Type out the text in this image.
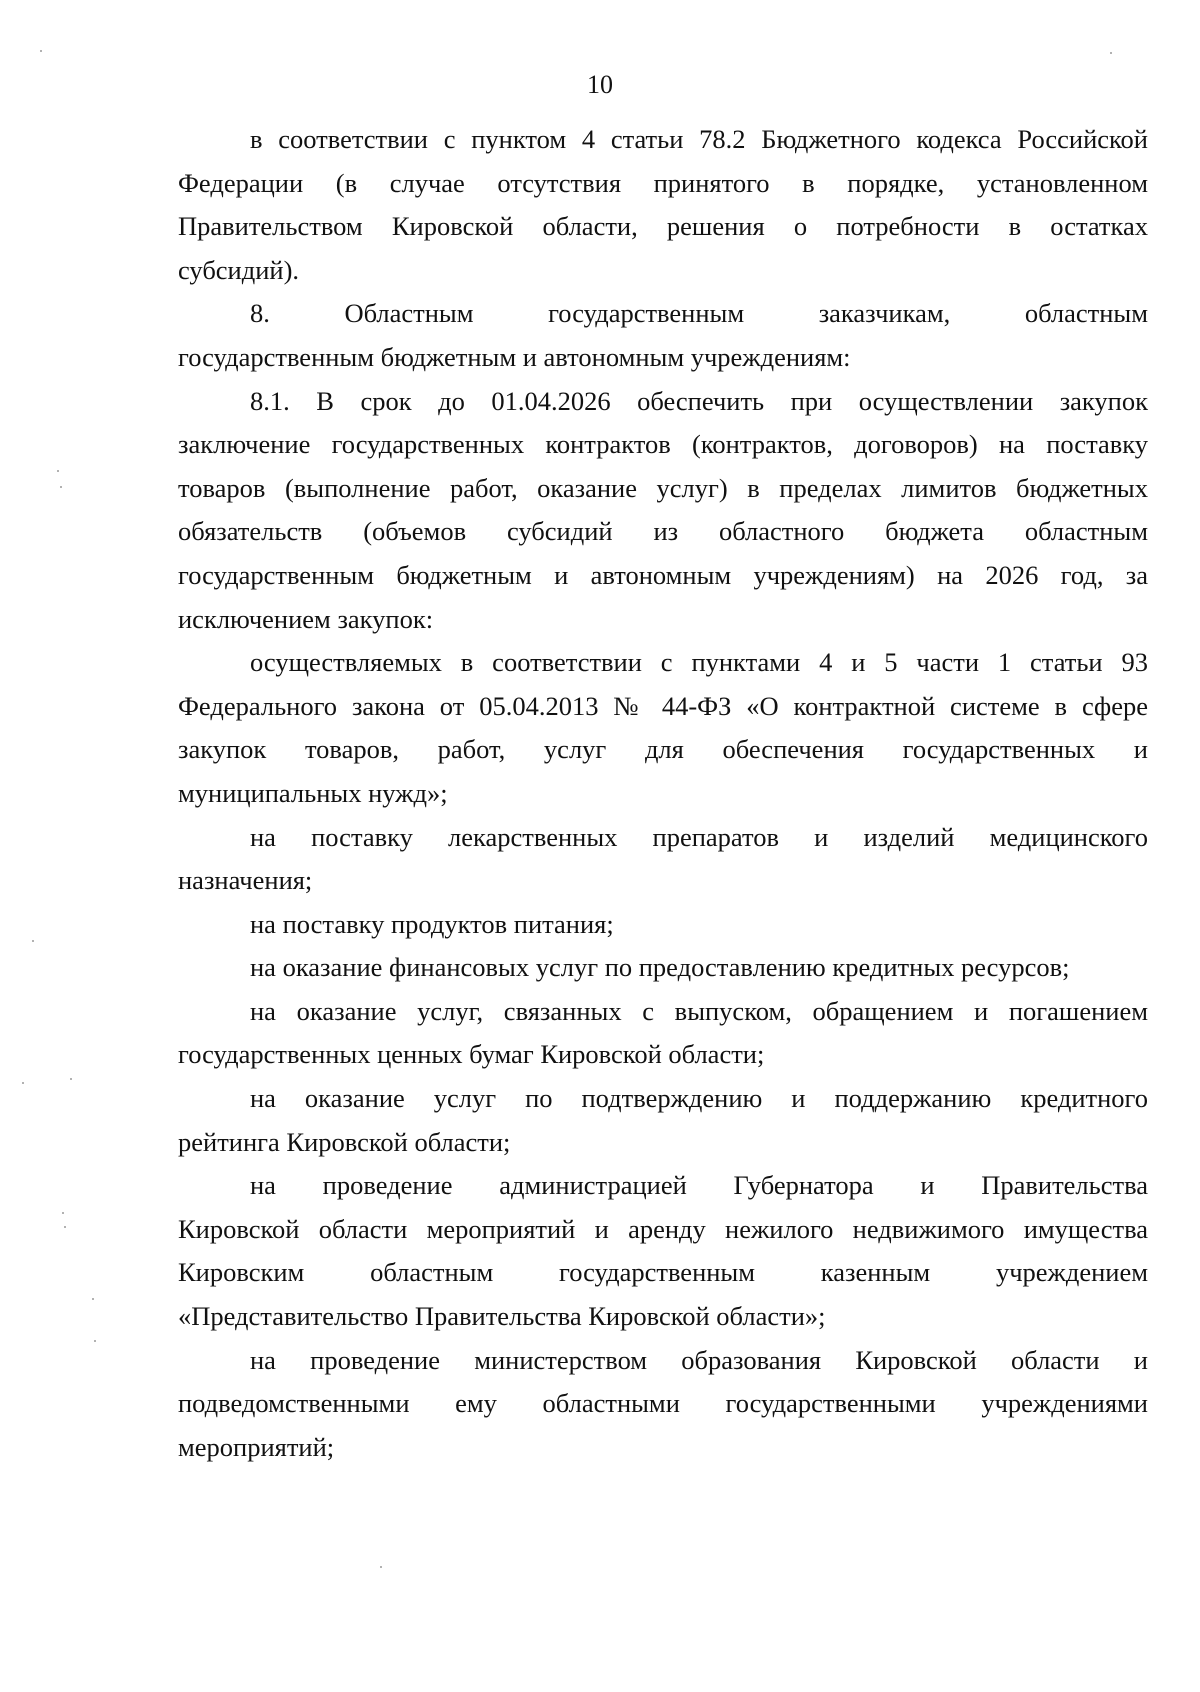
10
в соответствии с пунктом 4 статьи 78.2 Бюджетного кодекса Российской
Федерации (в случае отсутствия принятого в порядке, установленном
Правительством Кировской области, решения о потребности в остатках
субсидий).
8. Областным государственным заказчикам, областным
государственным бюджетным и автономным учреждениям:
8.1. В срок до 01.04.2026 обеспечить при осуществлении закупок
заключение государственных контрактов (контрактов, договоров) на поставку
товаров (выполнение работ, оказание услуг) в пределах лимитов бюджетных
обязательств (объемов субсидий из областного бюджета областным
государственным бюджетным и автономным учреждениям) на 2026 год, за
исключением закупок:
осуществляемых в соответствии с пунктами 4 и 5 части 1 статьи 93
Федерального закона от 05.04.2013 № 44-ФЗ «О контрактной системе в сфере
закупок товаров, работ, услуг для обеспечения государственных и
муниципальных нужд»;
на поставку лекарственных препаратов и изделий медицинского
назначения;
на поставку продуктов питания;
на оказание финансовых услуг по предоставлению кредитных ресурсов;
на оказание услуг, связанных с выпуском, обращением и погашением
государственных ценных бумаг Кировской области;
на оказание услуг по подтверждению и поддержанию кредитного
рейтинга Кировской области;
на проведение администрацией Губернатора и Правительства
Кировской области мероприятий и аренду нежилого недвижимого имущества
Кировским областным государственным казенным учреждением
«Представительство Правительства Кировской области»;
на проведение министерством образования Кировской области и
подведомственными ему областными государственными учреждениями
мероприятий;
